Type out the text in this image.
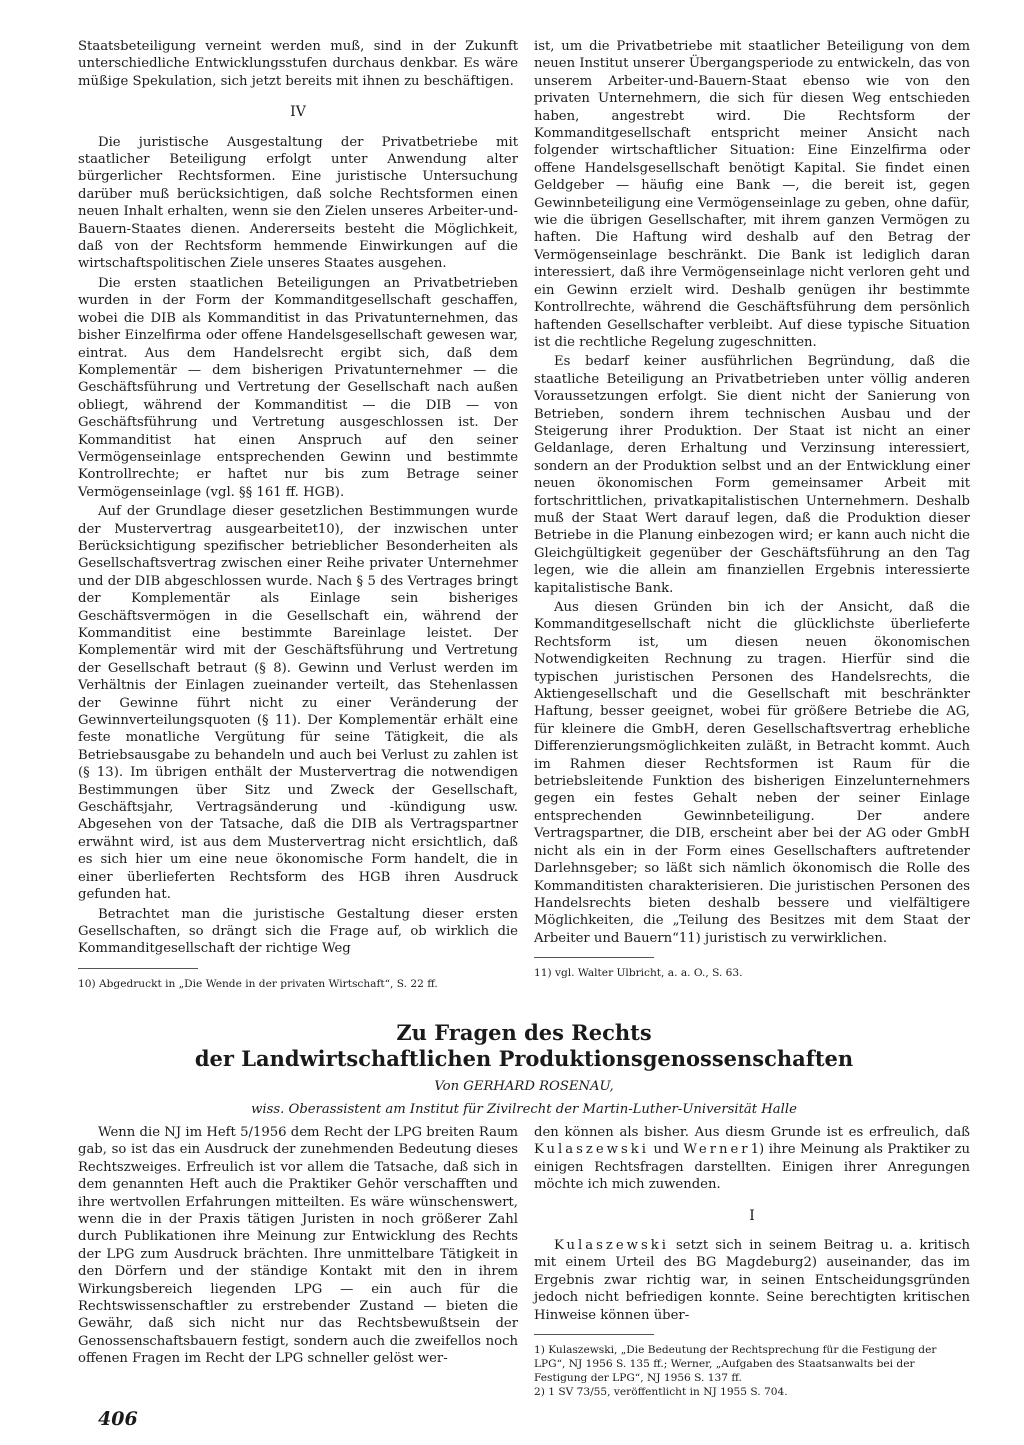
Staatsbeteiligung verneint werden muß, sind in der Zukunft unterschiedliche Entwicklungsstufen durchaus denkbar. Es wäre müßige Spekulation, sich jetzt bereits mit ihnen zu beschäftigen.

IV

Die juristische Ausgestaltung der Privatbetriebe mit staatlicher Beteiligung erfolgt unter Anwendung alter bürgerlicher Rechtsformen. Eine juristische Untersuchung darüber muß berücksichtigen, daß solche Rechtsformen einen neuen Inhalt erhalten, wenn sie den Zielen unseres Arbeiter-und-Bauern-Staates dienen. Andererseits besteht die Möglichkeit, daß von der Rechtsform hemmende Einwirkungen auf die wirtschaftspolitischen Ziele unseres Staates ausgehen.

Die ersten staatlichen Beteiligungen an Privatbetrieben wurden in der Form der Kommanditgesellschaft geschaffen, wobei die DIB als Kommanditist in das Privatunternehmen, das bisher Einzelfirma oder offene Handelsgesellschaft gewesen war, eintrat. Aus dem Handelsrecht ergibt sich, daß dem Komplementär — dem bisherigen Privatunternehmer — die Geschäftsführung und Vertretung der Gesellschaft nach außen obliegt, während der Kommanditist — die DIB — von Geschäftsführung und Vertretung ausgeschlossen ist. Der Kommanditist hat einen Anspruch auf den seiner Vermögenseinlage entsprechenden Gewinn und bestimmte Kontrollrechte; er haftet nur bis zum Betrage seiner Vermögenseinlage (vgl. §§ 161 ff. HGB).

Auf der Grundlage dieser gesetzlichen Bestimmungen wurde der Mustervertrag ausgearbeitet10), der inzwischen unter Berücksichtigung spezifischer betrieblicher Besonderheiten als Gesellschaftsvertrag zwischen einer Reihe privater Unternehmer und der DIB abgeschlossen wurde. Nach § 5 des Vertrages bringt der Komplementär als Einlage sein bisheriges Geschäftsvermögen in die Gesellschaft ein, während der Kommanditist eine bestimmte Bareinlage leistet. Der Komplementär wird mit der Geschäftsführung und Vertretung der Gesellschaft betraut (§ 8). Gewinn und Verlust werden im Verhältnis der Einlagen zueinander verteilt, das Stehenlassen der Gewinne führt nicht zu einer Veränderung der Gewinnverteilungsquoten (§ 11). Der Komplementär erhält eine feste monatliche Vergütung für seine Tätigkeit, die als Betriebsausgabe zu behandeln und auch bei Verlust zu zahlen ist (§ 13). Im übrigen enthält der Mustervertrag die notwendigen Bestimmungen über Sitz und Zweck der Gesellschaft, Geschäftsjahr, Vertragsänderung und -kündigung usw. Abgesehen von der Tatsache, daß die DIB als Vertragspartner erwähnt wird, ist aus dem Mustervertrag nicht ersichtlich, daß es sich hier um eine neue ökonomische Form handelt, die in einer überlieferten Rechtsform des HGB ihren Ausdruck gefunden hat.

Betrachtet man die juristische Gestaltung dieser ersten Gesellschaften, so drängt sich die Frage auf, ob wirklich die Kommanditgesellschaft der richtige Weg

10) Abgedruckt in „Die Wende in der privaten Wirtschaft“, S. 22 ff.

ist, um die Privatbetriebe mit staatlicher Beteiligung von dem neuen Institut unserer Übergangsperiode zu entwickeln, das von unserem Arbeiter-und-Bauern-Staat ebenso wie von den privaten Unternehmern, die sich für diesen Weg entschieden haben, angestrebt wird. Die Rechtsform der Kommanditgesellschaft entspricht meiner Ansicht nach folgender wirtschaftlicher Situation: Eine Einzelfirma oder offene Handelsgesellschaft benötigt Kapital. Sie findet einen Geldgeber — häufig eine Bank —, die bereit ist, gegen Gewinnbeteiligung eine Vermögenseinlage zu geben, ohne dafür, wie die übrigen Gesellschafter, mit ihrem ganzen Vermögen zu haften. Die Haftung wird deshalb auf den Betrag der Vermögenseinlage beschränkt. Die Bank ist lediglich daran interessiert, daß ihre Vermögenseinlage nicht verloren geht und ein Gewinn erzielt wird. Deshalb genügen ihr bestimmte Kontrollrechte, während die Geschäftsführung dem persönlich haftenden Gesellschafter verbleibt. Auf diese typische Situation ist die rechtliche Regelung zugeschnitten.

Es bedarf keiner ausführlichen Begründung, daß die staatliche Beteiligung an Privatbetrieben unter völlig anderen Voraussetzungen erfolgt. Sie dient nicht der Sanierung von Betrieben, sondern ihrem technischen Ausbau und der Steigerung ihrer Produktion. Der Staat ist nicht an einer Geldanlage, deren Erhaltung und Verzinsung interessiert, sondern an der Produktion selbst und an der Entwicklung einer neuen ökonomischen Form gemeinsamer Arbeit mit fortschrittlichen, privatkapitalistischen Unternehmern. Deshalb muß der Staat Wert darauf legen, daß die Produktion dieser Betriebe in die Planung einbezogen wird; er kann auch nicht die Gleichgültigkeit gegenüber der Geschäftsführung an den Tag legen, wie die allein am finanziellen Ergebnis interessierte kapitalistische Bank.

Aus diesen Gründen bin ich der Ansicht, daß die Kommanditgesellschaft nicht die glücklichste überlieferte Rechtsform ist, um diesen neuen ökonomischen Notwendigkeiten Rechnung zu tragen. Hierfür sind die typischen juristischen Personen des Handelsrechts, die Aktiengesellschaft und die Gesellschaft mit beschränkter Haftung, besser geeignet, wobei für größere Betriebe die AG, für kleinere die GmbH, deren Gesellschaftsvertrag erhebliche Differenzierungsmöglichkeiten zuläßt, in Betracht kommt. Auch im Rahmen dieser Rechtsformen ist Raum für die betriebsleitende Funktion des bisherigen Einzelunternehmers gegen ein festes Gehalt neben der seiner Einlage entsprechenden Gewinnbeteiligung. Der andere Vertragspartner, die DIB, erscheint aber bei der AG oder GmbH nicht als ein in der Form eines Gesellschafters auftretender Darlehnsgeber; so läßt sich nämlich ökonomisch die Rolle des Kommanditisten charakterisieren. Die juristischen Personen des Handelsrechts bieten deshalb bessere und vielfältigere Möglichkeiten, die „Teilung des Besitzes mit dem Staat der Arbeiter und Bauern“11) juristisch zu verwirklichen.

11) vgl. Walter Ulbricht, a. a. O., S. 63.
Zu Fragen des Rechts
der Landwirtschaftlichen Produktionsgenossenschaften
Von GERHARD ROSENAU,
wiss. Oberassistent am Institut für Zivilrecht der Martin-Luther-Universität Halle

Wenn die NJ im Heft 5/1956 dem Recht der LPG breiten Raum gab, so ist das ein Ausdruck der zunehmenden Bedeutung dieses Rechtszweiges. Erfreulich ist vor allem die Tatsache, daß sich in dem genannten Heft auch die Praktiker Gehör verschafften und ihre wertvollen Erfahrungen mitteilten. Es wäre wünschenswert, wenn die in der Praxis tätigen Juristen in noch größerer Zahl durch Publikationen ihre Meinung zur Entwicklung des Rechts der LPG zum Ausdruck brächten. Ihre unmittelbare Tätigkeit in den Dörfern und der ständige Kontakt mit den in ihrem Wirkungsbereich liegenden LPG — ein auch für die Rechtswissenschaftler zu erstrebender Zustand — bieten die Gewähr, daß sich nicht nur das Rechtsbewußtsein der Genossenschaftsbauern festigt, sondern auch die zweifellos noch offenen Fragen im Recht der LPG schneller gelöst wer-

den können als bisher. Aus diesm Grunde ist es erfreulich, daß Kulaszewski und Werner1) ihre Meinung als Praktiker zu einigen Rechtsfragen darstellten. Einigen ihrer Anregungen möchte ich mich zuwenden.

I

Kulaszewski setzt sich in seinem Beitrag u. a. kritisch mit einem Urteil des BG Magdeburg2) auseinander, das im Ergebnis zwar richtig war, in seinen Entscheidungsgründen jedoch nicht befriedigen konnte. Seine berechtigten kritischen Hinweise können über-

1) Kulaszewski, „Die Bedeutung der Rechtsprechung für die Festigung der LPG“, NJ 1956 S. 135 ff.; Werner, „Aufgaben des Staatsanwalts bei der Festigung der LPG“, NJ 1956 S. 137 ff.
2) 1 SV 73/55, veröffentlicht in NJ 1955 S. 704.
406
